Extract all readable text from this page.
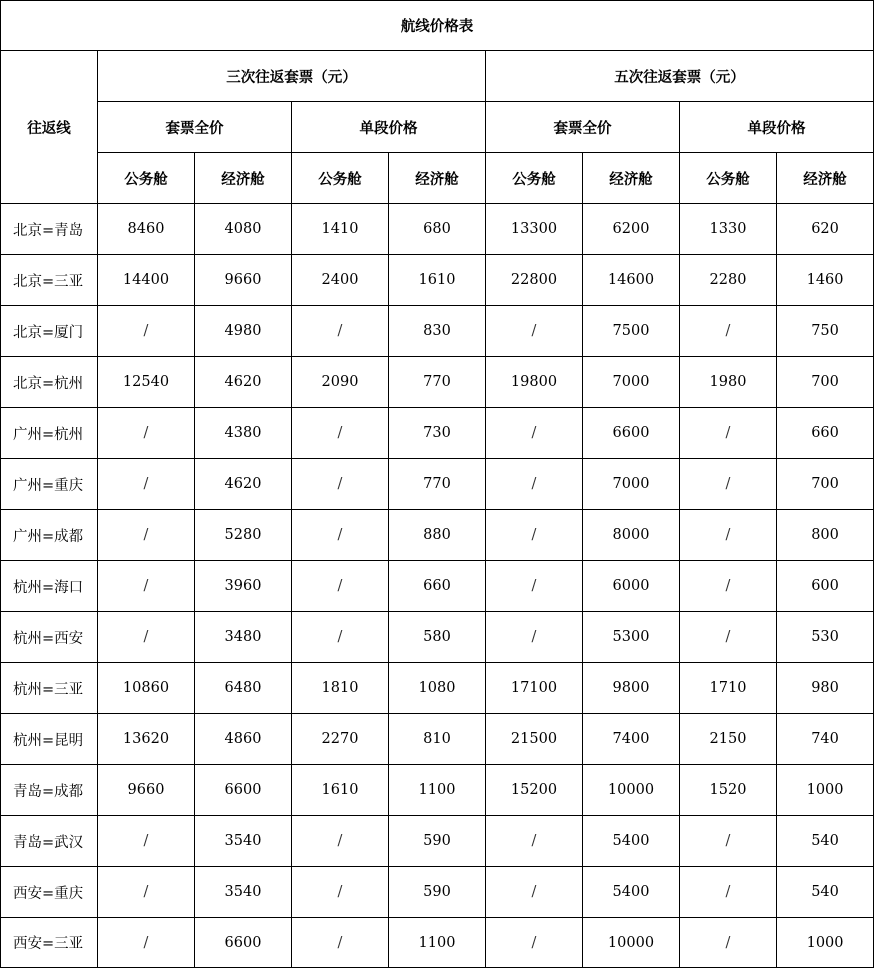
航线价格表								
往返线	三次往返套票（元）				五次往返套票（元）			
	套票全价		单段价格		套票全价		单段价格	
	公务舱	经济舱	公务舱	经济舱	公务舱	经济舱	公务舱	经济舱
北京=青岛	8460	4080	1410	680	13300	6200	1330	620
北京=三亚	14400	9660	2400	1610	22800	14600	2280	1460
北京=厦门	/	4980	/	830	/	7500	/	750
北京=杭州	12540	4620	2090	770	19800	7000	1980	700
广州=杭州	/	4380	/	730	/	6600	/	660
广州=重庆	/	4620	/	770	/	7000	/	700
广州=成都	/	5280	/	880	/	8000	/	800
杭州=海口	/	3960	/	660	/	6000	/	600
杭州=西安	/	3480	/	580	/	5300	/	530
杭州=三亚	10860	6480	1810	1080	17100	9800	1710	980
杭州=昆明	13620	4860	2270	810	21500	7400	2150	740
青岛=成都	9660	6600	1610	1100	15200	10000	1520	1000
青岛=武汉	/	3540	/	590	/	5400	/	540
西安=重庆	/	3540	/	590	/	5400	/	540
西安=三亚	/	6600	/	1100	/	10000	/	1000
